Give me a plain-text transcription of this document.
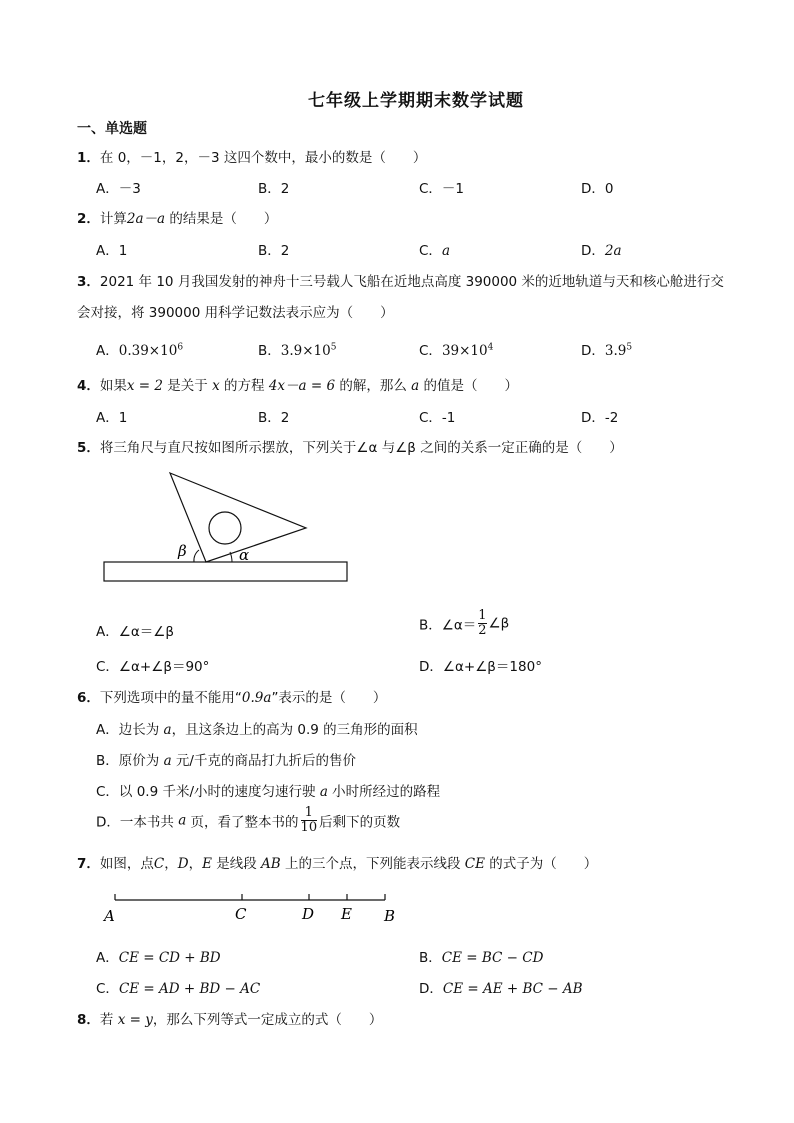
七年级上学期期末数学试题
一、单选题
1．在 0，－1，2，－3 这四个数中，最小的数是（　　）
A．－3	B．2	C．－1	D．0
2．计算2a－a 的结果是（　　）
A．1	B．2	C．a	D．2a
3．2021 年 10 月我国发射的神舟十三号载人飞船在近地点高度 390000 米的近地轨道与天和核心舱进行交
会对接，将 390000 用科学记数法表示应为（　　）
A．$0.39\times 10^6$	B．$3.9\times 10^5$	C．$39\times 10^4$	D．$3.9^5$
4．如果x = 2 是关于 x 的方程 4x－a = 6 的解，那么 a 的值是（　　）
A．1	B．2	C．-1	D．-2
5．将三角尺与直尺按如图所示摆放，下列关于∠α 与∠β 之间的关系一定正确的是（　　）
β	α
A．∠α＝∠β	B．∠α＝ $\frac{1}{2}$ ∠β
C．∠α+∠β＝90°	D．∠α+∠β＝180°
6．下列选项中的量不能用“0.9a”表示的是（　　）
A．边长为 a，且这条边上的高为 0.9 的三角形的面积
B．原价为 a 元/千克的商品打九折后的售价
C．以 0.9 千米/小时的速度匀速行驶 a 小时所经过的路程
D．一本书共 a 页，看了整本书的 $\frac{1}{10}$ 后剩下的页数
7．如图，点C，D，E 是线段 AB 上的三个点，下列能表示线段 CE 的式子为（　　）
A	C	D E B
A．CE = CD + BD	B．CE = BC − CD
C．CE = AD + BD − AC	D．CE = AE + BC − AB
8．若 x = y，那么下列等式一定成立的式（　　）
